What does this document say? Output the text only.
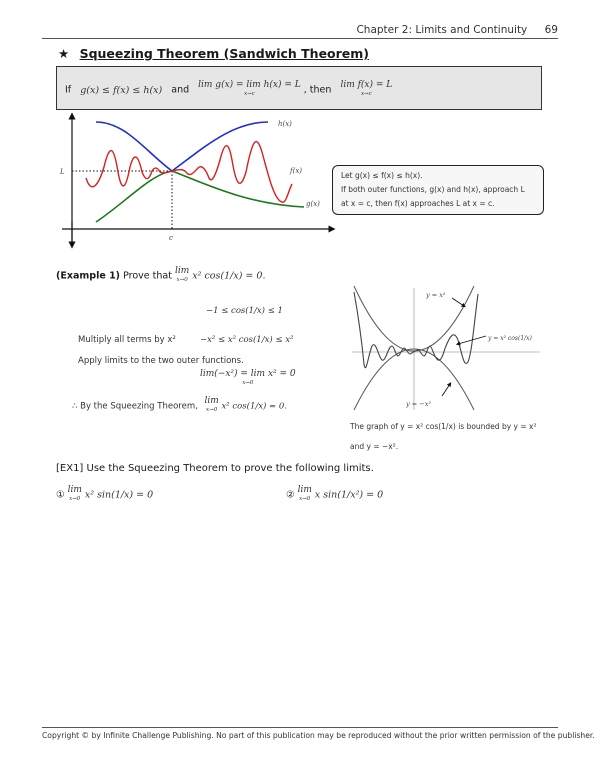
Chapter 2: Limits and Continuity 69
★ Squeezing Theorem (Sandwich Theorem)
If g(x) ≤ f(x) ≤ h(x) and lim g(x) = lim h(x) = L
x→c	, then lim f(x) = L
x→c
h(x)
f(x)
g(x)
L
c
Let g(x) ≤ f(x) ≤ h(x).
If both outer functions, g(x) and h(x), approach L
at x = c, then f(x) approaches L at x = c.
(Example 1) Prove that lim
x→0 x² cos(1/x) = 0.
−1 ≤ cos(1/x) ≤ 1
Multiply all terms by x²	−x² ≤ x² cos(1/x) ≤ x²
Apply limits to the two outer functions.
lim(−x²) = lim x² = 0
x→0
∴ By the Squeezing Theorem,
lim
x→0 x² cos(1/x) = 0.
y = x²
y = x² cos(1/x)
y = −x²
The graph of y = x² cos(1/x) is bounded by y = x²
and y = −x².
[EX1] Use the Squeezing Theorem to prove the following limits.
① lim
x→0 x² sin(1/x) = 0	② lim
x→0 x sin(1/x²) = 0
Copyright © by Infinite Challenge Publishing. No part of this publication may be reproduced without the prior written permission of the publisher.
